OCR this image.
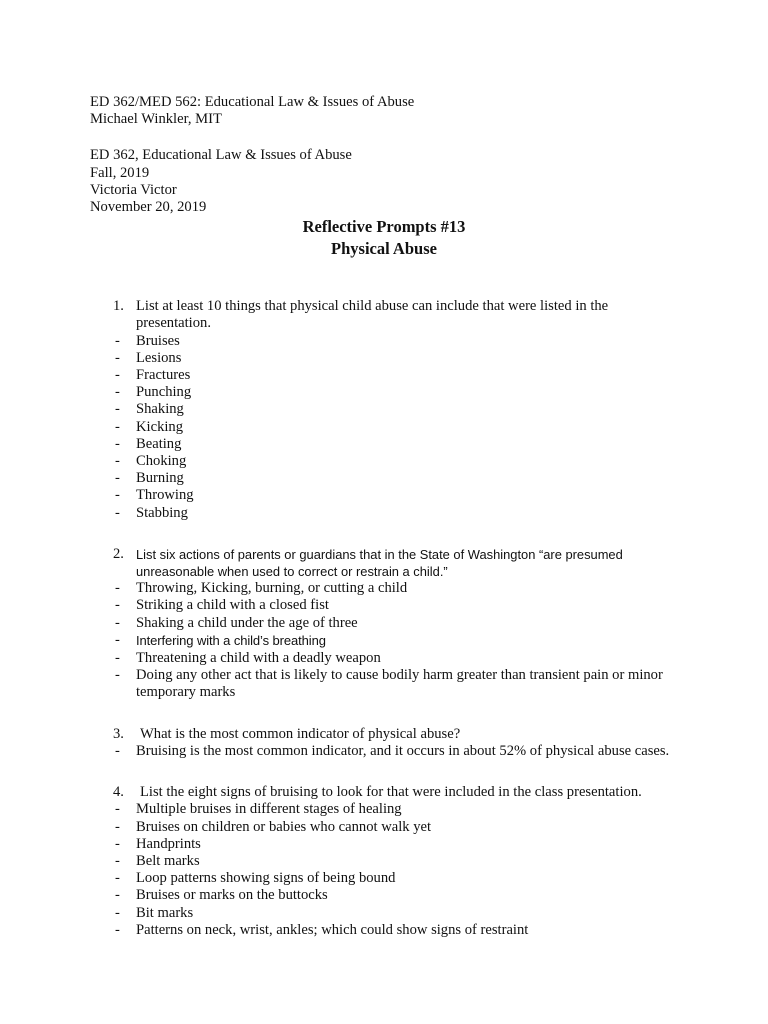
ED 362/MED 562: Educational Law & Issues of Abuse
Michael Winkler, MIT
ED 362, Educational Law & Issues of Abuse
Fall, 2019
Victoria Victor
November 20, 2019
Reflective Prompts #13
Physical Abuse
1. List at least 10 things that physical child abuse can include that were listed in the presentation.
- Bruises
- Lesions
- Fractures
- Punching
- Shaking
- Kicking
- Beating
- Choking
- Burning
- Throwing
- Stabbing
2. List six actions of parents or guardians that in the State of Washington “are presumed unreasonable when used to correct or restrain a child.”
- Throwing, Kicking, burning, or cutting a child
- Striking a child with a closed fist
- Shaking a child under the age of three
- Interfering with a child’s breathing
- Threatening a child with a deadly weapon
- Doing any other act that is likely to cause bodily harm greater than transient pain or minor temporary marks
3. What is the most common indicator of physical abuse?
- Bruising is the most common indicator, and it occurs in about 52% of physical abuse cases.
4. List the eight signs of bruising to look for that were included in the class presentation.
- Multiple bruises in different stages of healing
- Bruises on children or babies who cannot walk yet
- Handprints
- Belt marks
- Loop patterns showing signs of being bound
- Bruises or marks on the buttocks
- Bit marks
- Patterns on neck, wrist, ankles; which could show signs of restraint
